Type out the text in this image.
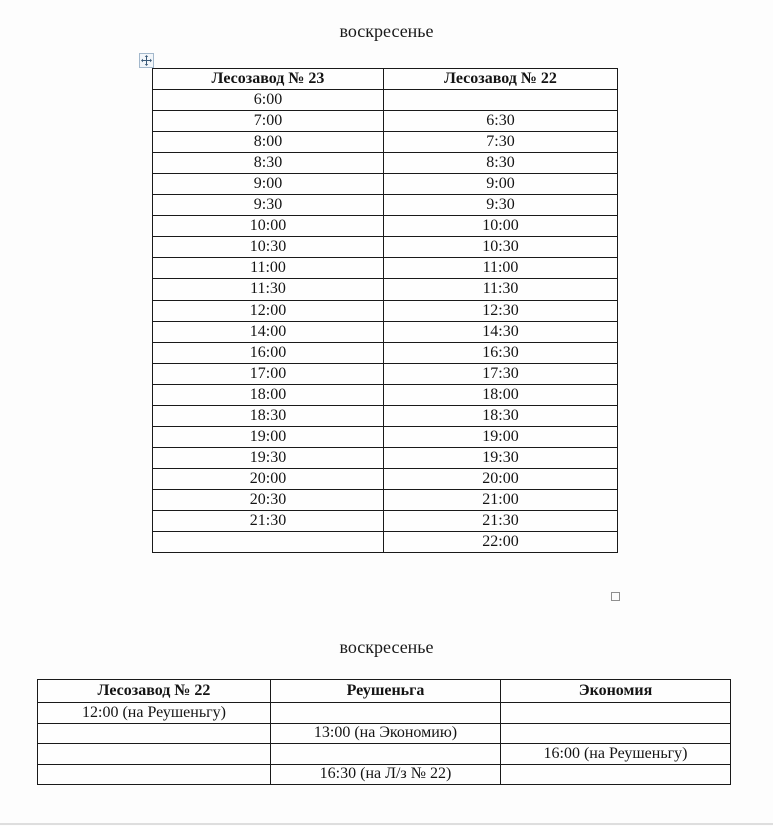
воскресенье
Лесозавод № 23	Лесозавод № 22
6:00	
7:00	6:30
8:00	7:30
8:30	8:30
9:00	9:00
9:30	9:30
10:00	10:00
10:30	10:30
11:00	11:00
11:30	11:30
12:00	12:30
14:00	14:30
16:00	16:30
17:00	17:30
18:00	18:00
18:30	18:30
19:00	19:00
19:30	19:30
20:00	20:00
20:30	21:00
21:30	21:30
	22:00
воскресенье
Лесозавод № 22	Реушеньга	Экономия
12:00 (на Реушеньгу)		
	13:00 (на Экономию)	
		16:00 (на Реушеньгу)
	16:30 (на Л/з № 22)	
